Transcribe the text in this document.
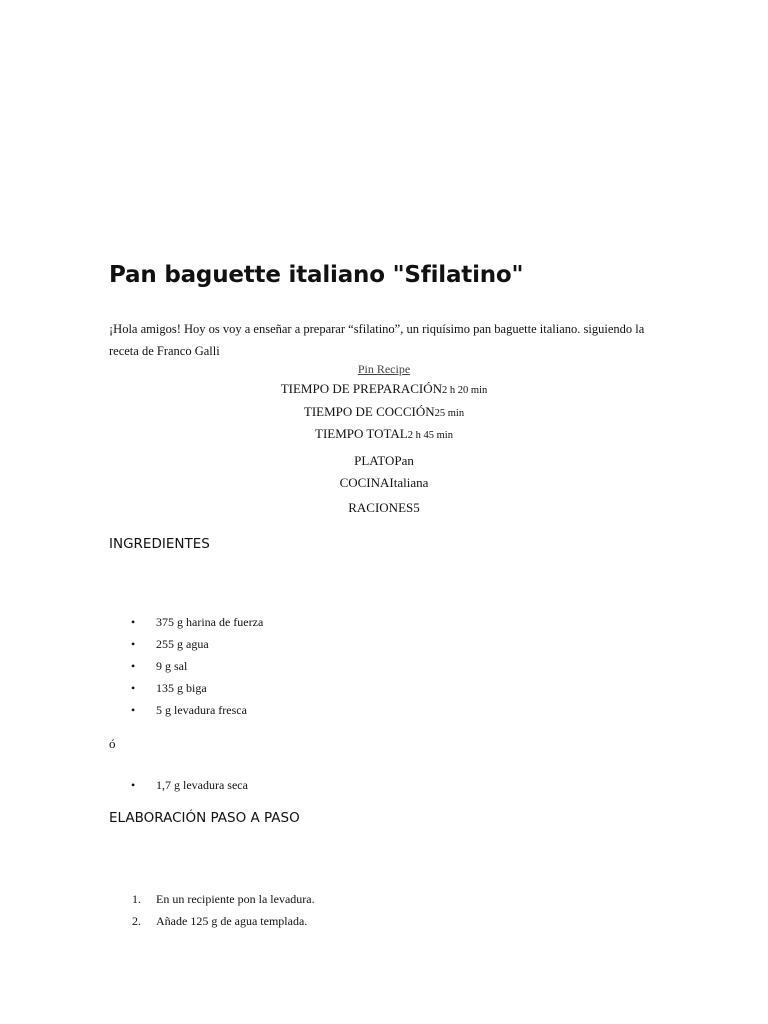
Pan baguette italiano "Sfilatino"

¡Hola amigos! Hoy os voy a enseñar a preparar “sfilatino”, un riquísimo pan baguette italiano. siguiendo la receta de Franco Galli

Pin Recipe
TIEMPO DE PREPARACIÓN2 h 20 min
TIEMPO DE COCCIÓN25 min
TIEMPO TOTAL2 h 45 min
PLATOPan
COCINAItaliana
RACIONES5
INGREDIENTES
• 375 g harina de fuerza
• 255 g agua
• 9 g sal
• 135 g biga
• 5 g levadura fresca
ó
• 1,7 g levadura seca
ELABORACIÓN PASO A PASO
1. En un recipiente pon la levadura.
2. Añade 125 g de agua templada.
